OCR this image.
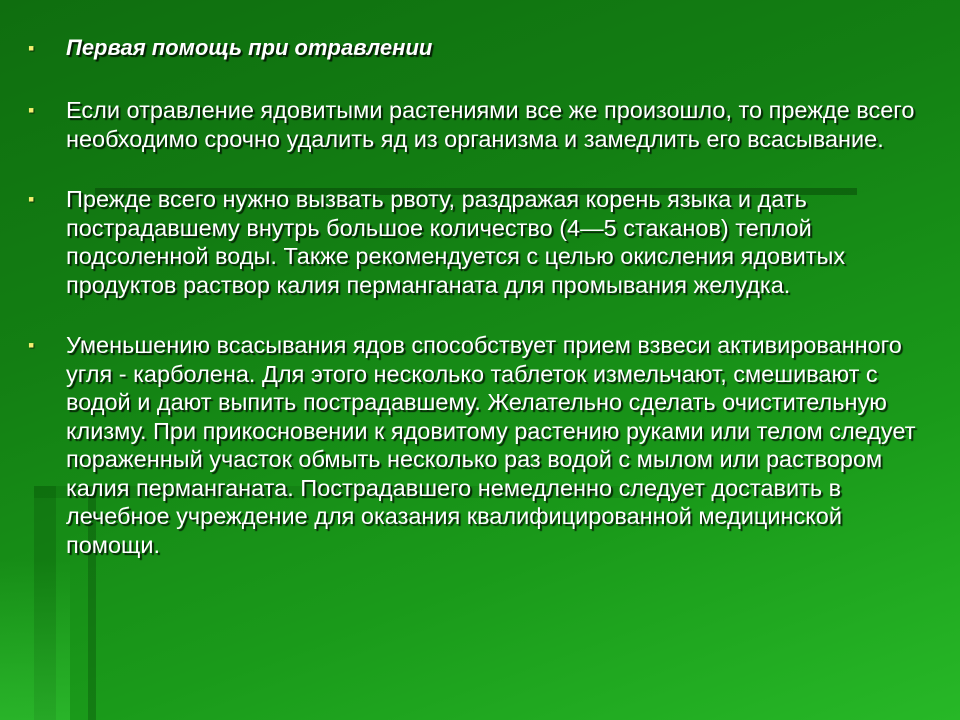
▪ Первая помощь при отравлении
▪ Если отравление ядовитыми растениями все же произошло, то прежде всего необходимо срочно удалить яд из организма и замедлить его всасывание.
▪ Прежде всего нужно вызвать рвоту, раздражая корень языка и дать пострадавшему внутрь большое количество (4—5 стаканов) теплой подсоленной воды. Также рекомендуется с целью окисления ядовитых продуктов раствор калия перманганата для промывания желудка.
▪ Уменьшению всасывания ядов способствует прием взвеси активированного угля - карболена. Для этого несколько таблеток измельчают, смешивают с водой и дают выпить пострадавшему. Желательно сделать очистительную клизму. При прикосновении к ядовитому растению руками или телом следует пораженный участок обмыть несколько раз водой с мылом или раствором калия перманганата. Пострадавшего немедленно следует доставить в лечебное учреждение для оказания квалифицированной медицинской помощи.
